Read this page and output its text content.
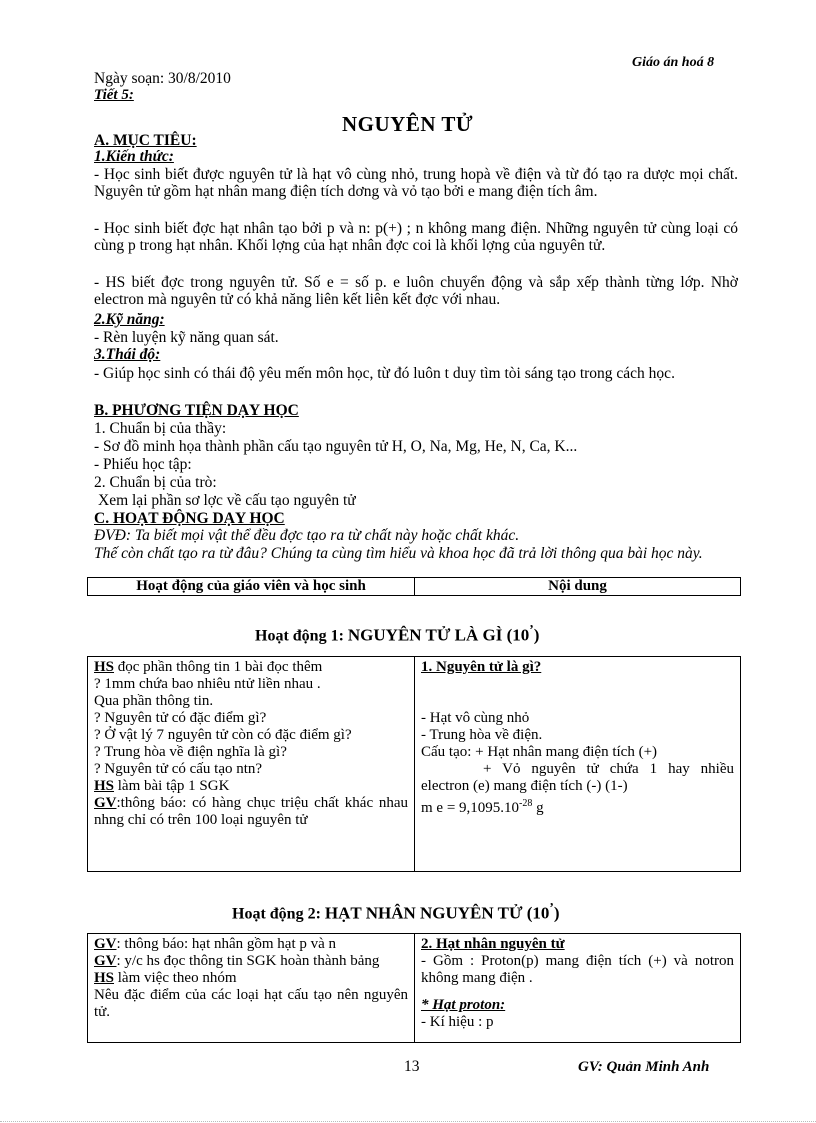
Giáo án hoá 8
Ngày soạn: 30/8/2010
Tiết 5:
NGUYÊN TỬ
A. MỤC TIÊU:
1.Kiến thức:
- Học sinh biết được nguyên tử là hạt vô cùng nhỏ, trung hopà về điện và từ đó tạo ra dược mọi chất. Nguyên tử gồm hạt nhân mang điện tích dơng và vỏ tạo bởi e mang điện tích âm.
- Học sinh biết đợc hạt nhân tạo bởi p và n: p(+) ; n không mang điện. Những nguyên tử cùng loại có cùng p trong hạt nhân. Khối lợng của hạt nhân đợc coi là khối lợng của nguyên tử.
- HS biết đợc trong nguyên tử. Số e = số p. e luôn chuyển động và sắp xếp thành từng lớp. Nhờ electron mà nguyên tử có khả năng liên kết liên kết đợc với nhau.
2.Kỹ năng:
- Rèn luyện kỹ năng quan sát.
3.Thái độ:
- Giúp học sinh có thái độ yêu mến môn học, từ đó luôn t duy tìm tòi sáng tạo trong cách học.
B. PHƯƠNG TIỆN DẠY HỌC
1. Chuẩn bị của thầy:
- Sơ đồ minh họa thành phần cấu tạo nguyên tử H, O, Na, Mg, He, N, Ca, K...
- Phiếu học tập:
2. Chuẩn bị của trò:
Xem lại phần sơ lợc về cấu tạo nguyên tử
C. HOẠT ĐỘNG DẠY HỌC
ĐVĐ: Ta biết mọi vật thể đều đợc tạo ra từ chất này hoặc chất khác.
Thế còn chất tạo ra từ đâu? Chúng ta cùng tìm hiểu và khoa học đã trả lời thông qua bài học này.
Hoạt động của giáo viên và học sinh	Nội dung
Hoạt động 1: NGUYÊN TỬ LÀ GÌ (10’)
HS đọc phần thông tin 1 bài đọc thêm
? 1mm chứa bao nhiêu ntử liền nhau .
Qua phần thông tin.
? Nguyên tử có đặc điểm gì?
? Ở vật lý 7 nguyên tử còn có đặc điểm gì?
? Trung hòa về điện nghĩa là gì?
? Nguyên tử có cấu tạo ntn?
HS làm bài tập 1 SGK
GV:thông báo: có hàng chục triệu chất khác nhau nhng chỉ có trên 100 loại nguyên tử

1. Nguyên tử là gì?
- Hạt vô cùng nhỏ
- Trung hòa về điện.
Cấu tạo: + Hạt nhân mang điện tích (+)
+ Vỏ nguyên tử chứa 1 hay nhiều electron (e) mang điện tích (-) (1-)
m $e = 9,1095.10^{-28}$ g
Hoạt động 2: HẠT NHÂN NGUYÊN TỬ (10’)
GV: thông báo: hạt nhân gồm hạt p và n
GV: y/c hs đọc thông tin SGK hoàn thành bảng
HS làm việc theo nhóm
Nêu đặc điểm của các loại hạt cấu tạo nên nguyên tử.

2. Hạt nhân nguyên tử
- Gồm : Proton(p) mang điện tích (+) và notron không mang điện .
* Hạt proton:
- Kí hiệu : p
13	GV: Quản Minh Anh
